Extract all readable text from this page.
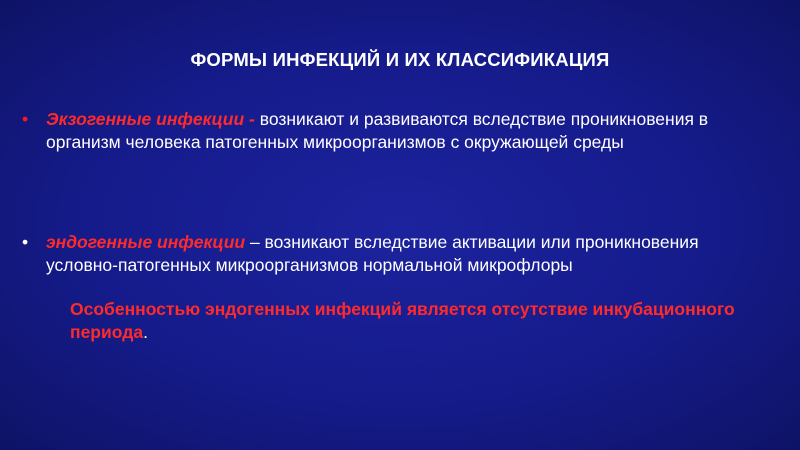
ФОРМЫ ИНФЕКЦИЙ И ИХ КЛАССИФИКАЦИЯ
• Экзогенные инфекции - возникают и развиваются вследствие проникновения в организм человека патогенных микроорганизмов с окружающей среды
• эндогенные инфекции – возникают вследствие активации или проникновения условно-патогенных микроорганизмов нормальной микрофлоры
Особенностью эндогенных инфекций является отсутствие инкубационного периода.
